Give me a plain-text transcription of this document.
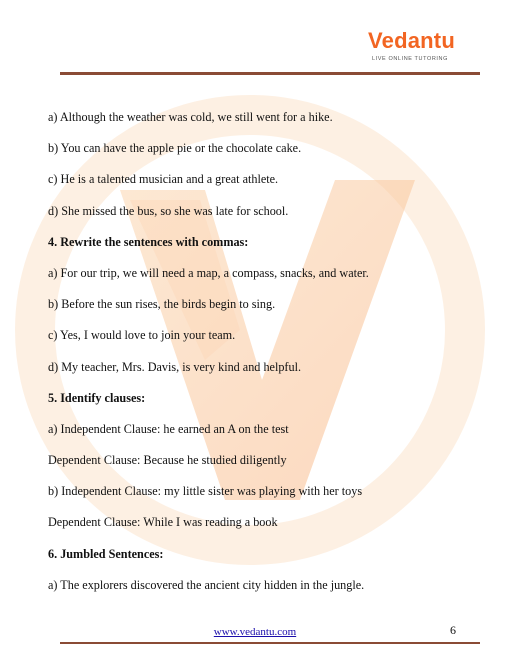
Vedantu
LIVE ONLINE TUTORING

a) Although the weather was cold, we still went for a hike.

b) You can have the apple pie or the chocolate cake.

c) He is a talented musician and a great athlete.

d) She missed the bus, so she was late for school.

4. Rewrite the sentences with commas:

a) For our trip, we will need a map, a compass, snacks, and water.

b) Before the sun rises, the birds begin to sing.

c) Yes, I would love to join your team.

d) My teacher, Mrs. Davis, is very kind and helpful.

5. Identify clauses:

a) Independent Clause: he earned an A on the test

Dependent Clause: Because he studied diligently

b) Independent Clause: my little sister was playing with her toys

Dependent Clause: While I was reading a book

6. Jumbled Sentences:

a) The explorers discovered the ancient city hidden in the jungle.

www.vedantu.com	6
